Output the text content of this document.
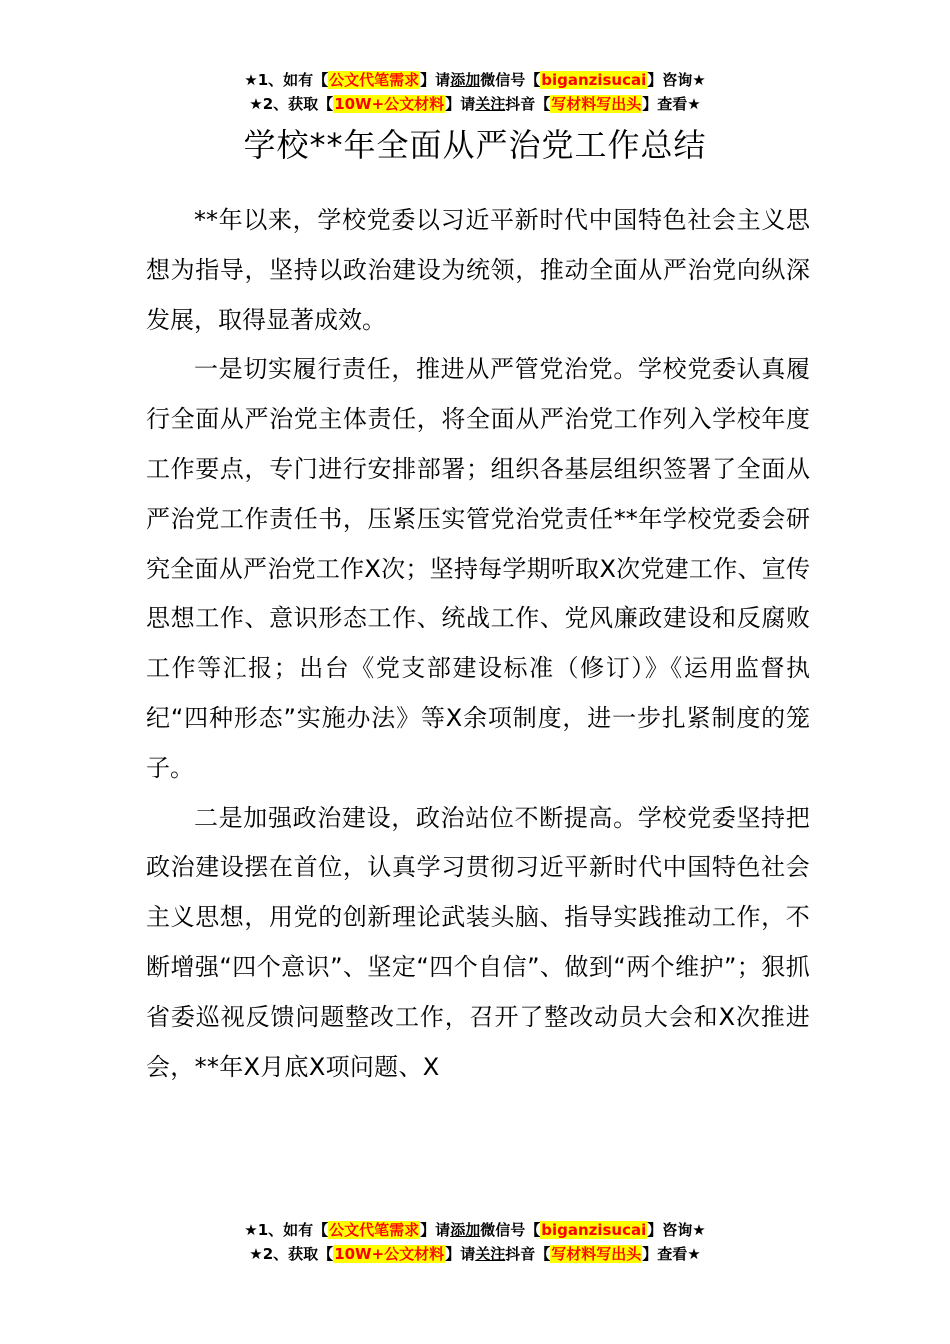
★1、如有【公文代笔需求】请添加微信号【biganzisucai】咨询★
★2、获取【10W+公文材料】请关注抖音【写材料写出头】查看★
学校**年全面从严治党工作总结

**年以来，学校党委以习近平新时代中国特色社会主义思想为指导，坚持以政治建设为统领，推动全面从严治党向纵深发展，取得显著成效。

一是切实履行责任，推进从严管党治党。学校党委认真履行全面从严治党主体责任，将全面从严治党工作列入学校年度工作要点，专门进行安排部署；组织各基层组织签署了全面从严治党工作责任书，压紧压实管党治党责任**年学校党委会研究全面从严治党工作X次；坚持每学期听取X次党建工作、宣传思想工作、意识形态工作、统战工作、党风廉政建设和反腐败工作等汇报；出台《党支部建设标准（修订）》《运用监督执纪“四种形态”实施办法》等X余项制度，进一步扎紧制度的笼子。

二是加强政治建设，政治站位不断提高。学校党委坚持把政治建设摆在首位，认真学习贯彻习近平新时代中国特色社会主义思想，用党的创新理论武装头脑、指导实践推动工作，不断增强“四个意识”、坚定“四个自信”、做到“两个维护”；狠抓省委巡视反馈问题整改工作，召开了整改动员大会和X次推进会，**年X月底X项问题、X

★1、如有【公文代笔需求】请添加微信号【biganzisucai】咨询★
★2、获取【10W+公文材料】请关注抖音【写材料写出头】查看★
